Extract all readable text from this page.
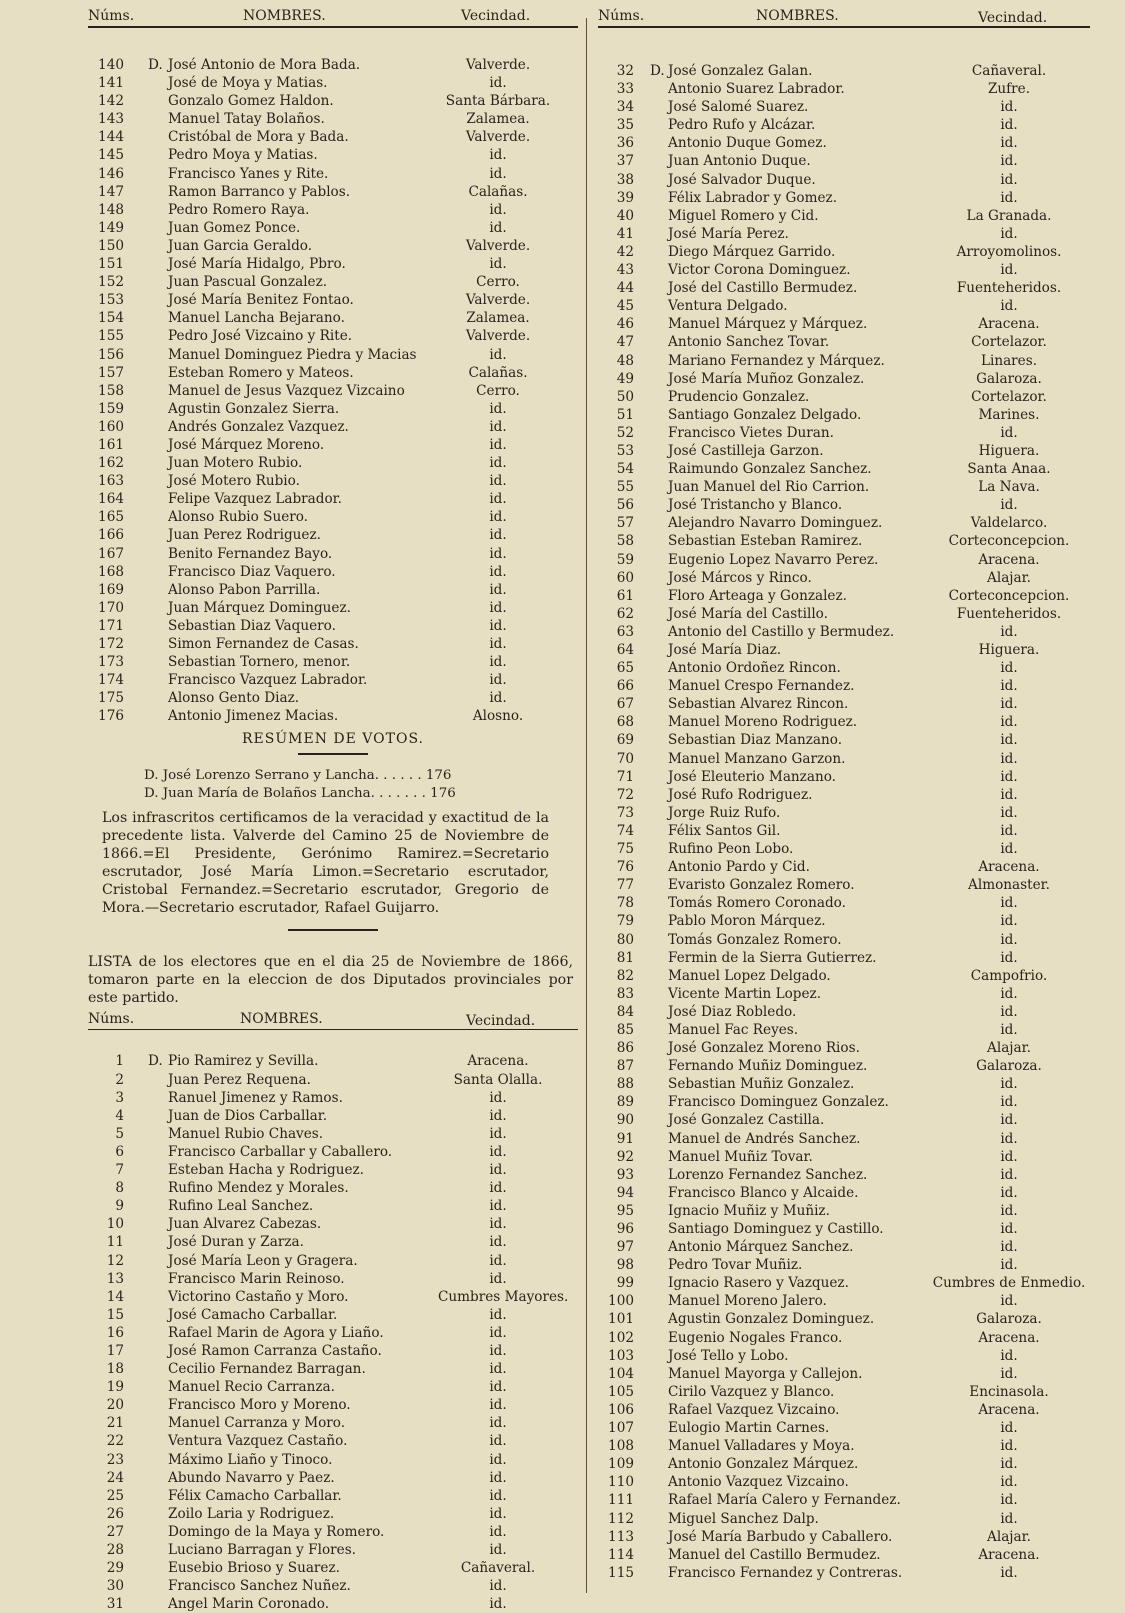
Núms.	NOMBRES.	Vecindad.
140 D. José Antonio de Mora Bada.	Valverde.
141	José de Moya y Matias.	id.
142	Gonzalo Gomez Haldon.	Santa Bárbara.
143	Manuel Tatay Bolaños.	Zalamea.
144	Cristóbal de Mora y Bada.	Valverde.
145	Pedro Moya y Matias.	id.
146	Francisco Yanes y Rite.	id.
147	Ramon Barranco y Pablos.	Calañas.
148	Pedro Romero Raya.	id.
149	Juan Gomez Ponce.	id.
150	Juan Garcia Geraldo.	Valverde.
151	José María Hidalgo, Pbro.	id.
152	Juan Pascual Gonzalez.	Cerro.
153	José María Benitez Fontao.	Valverde.
154	Manuel Lancha Bejarano.	Zalamea.
155	Pedro José Vizcaino y Rite.	Valverde.
156	Manuel Dominguez Piedra y Macias	id.
157	Esteban Romero y Mateos.	Calañas.
158	Manuel de Jesus Vazquez Vizcaino	Cerro.
159	Agustin Gonzalez Sierra.	id.
160	Andrés Gonzalez Vazquez.	id.
161	José Márquez Moreno.	id.
162	Juan Motero Rubio.	id.
163	José Motero Rubio.	id.
164	Felipe Vazquez Labrador.	id.
165	Alonso Rubio Suero.	id.
166	Juan Perez Rodriguez.	id.
167	Benito Fernandez Bayo.	id.
168	Francisco Diaz Vaquero.	id.
169	Alonso Pabon Parrilla.	id.
170	Juan Márquez Dominguez.	id.
171	Sebastian Diaz Vaquero.	id.
172	Simon Fernandez de Casas.	id.
173	Sebastian Tornero, menor.	id.
174	Francisco Vazquez Labrador.	id.
175	Alonso Gento Diaz.	id.
176	Antonio Jimenez Macias.	Alosno.
RESÚMEN DE VOTOS.
D. José Lorenzo Serrano y Lancha. . . . . . 176
D. Juan María de Bolaños Lancha. . . . . . . 176
Los infrascritos certificamos de la veracidad y exactitud de la precedente lista. Valverde del Camino 25 de Noviembre de 1866.=El Presidente, Gerónimo Ramirez.=Secretario escrutador, José María Limon.=Secretario escrutador, Cristobal Fernandez.=Secretario escrutador, Gregorio de Mora.—Secretario escrutador, Rafael Guijarro.
LISTA de los electores que en el dia 25 de Noviembre de 1866, tomaron parte en la eleccion de dos Diputados provinciales por este partido.
Núms.	NOMBRES.	Vecindad.
1 D. Pio Ramirez y Sevilla.	Aracena.
2	Juan Perez Requena.	Santa Olalla.
3	Ranuel Jimenez y Ramos.	id.
4	Juan de Dios Carballar.	id.
5	Manuel Rubio Chaves.	id.
6	Francisco Carballar y Caballero.	id.
7	Esteban Hacha y Rodriguez.	id.
8	Rufino Mendez y Morales.	id.
9	Rufino Leal Sanchez.	id.
10	Juan Alvarez Cabezas.	id.
11	José Duran y Zarza.	id.
12	José María Leon y Gragera.	id.
13	Francisco Marin Reinoso.	id.
14	Victorino Castaño y Moro.	Cumbres Mayores.
15	José Camacho Carballar.	id.
16	Rafael Marin de Agora y Liaño.	id.
17	José Ramon Carranza Castaño.	id.
18	Cecilio Fernandez Barragan.	id.
19	Manuel Recio Carranza.	id.
20	Francisco Moro y Moreno.	id.
21	Manuel Carranza y Moro.	id.
22	Ventura Vazquez Castaño.	id.
23	Máximo Liaño y Tinoco.	id.
24	Abundo Navarro y Paez.	id.
25	Félix Camacho Carballar.	id.
26	Zoilo Laria y Rodriguez.	id.
27	Domingo de la Maya y Romero.	id.
28	Luciano Barragan y Flores.	id.
29	Eusebio Brioso y Suarez.	Cañaveral.
30	Francisco Sanchez Nuñez.	id.
31	Angel Marin Coronado.	id.
Núms.	NOMBRES.	Vecindad.
32 D. José Gonzalez Galan.	Cañaveral.
33	Antonio Suarez Labrador.	Zufre.
34	José Salomé Suarez.	id.
35	Pedro Rufo y Alcázar.	id.
36	Antonio Duque Gomez.	id.
37	Juan Antonio Duque.	id.
38	José Salvador Duque.	id.
39	Félix Labrador y Gomez.	id.
40	Miguel Romero y Cid.	La Granada.
41	José María Perez.	id.
42	Diego Márquez Garrido.	Arroyomolinos.
43	Victor Corona Dominguez.	id.
44	José del Castillo Bermudez.	Fuenteheridos.
45	Ventura Delgado.	id.
46	Manuel Márquez y Márquez.	Aracena.
47	Antonio Sanchez Tovar.	Cortelazor.
48	Mariano Fernandez y Márquez.	Linares.
49	José María Muñoz Gonzalez.	Galaroza.
50	Prudencio Gonzalez.	Cortelazor.
51	Santiago Gonzalez Delgado.	Marines.
52	Francisco Vietes Duran.	id.
53	José Castilleja Garzon.	Higuera.
54	Raimundo Gonzalez Sanchez.	Santa Anaa.
55	Juan Manuel del Rio Carrion.	La Nava.
56	José Tristancho y Blanco.	id.
57	Alejandro Navarro Dominguez.	Valdelarco.
58	Sebastian Esteban Ramirez.	Corteconcepcion.
59	Eugenio Lopez Navarro Perez.	Aracena.
60	José Márcos y Rinco.	Alajar.
61	Floro Arteaga y Gonzalez.	Corteconcepcion.
62	José María del Castillo.	Fuenteheridos.
63	Antonio del Castillo y Bermudez.	id.
64	José María Diaz.	Higuera.
65	Antonio Ordoñez Rincon.	id.
66	Manuel Crespo Fernandez.	id.
67	Sebastian Alvarez Rincon.	id.
68	Manuel Moreno Rodriguez.	id.
69	Sebastian Diaz Manzano.	id.
70	Manuel Manzano Garzon.	id.
71	José Eleuterio Manzano.	id.
72	José Rufo Rodriguez.	id.
73	Jorge Ruiz Rufo.	id.
74	Félix Santos Gil.	id.
75	Rufino Peon Lobo.	id.
76	Antonio Pardo y Cid.	Aracena.
77	Evaristo Gonzalez Romero.	Almonaster.
78	Tomás Romero Coronado.	id.
79	Pablo Moron Márquez.	id.
80	Tomás Gonzalez Romero.	id.
81	Fermin de la Sierra Gutierrez.	id.
82	Manuel Lopez Delgado.	Campofrio.
83	Vicente Martin Lopez.	id.
84	José Diaz Robledo.	id.
85	Manuel Fac Reyes.	id.
86	José Gonzalez Moreno Rios.	Alajar.
87	Fernando Muñiz Dominguez.	Galaroza.
88	Sebastian Muñiz Gonzalez.	id.
89	Francisco Dominguez Gonzalez.	id.
90	José Gonzalez Castilla.	id.
91	Manuel de Andrés Sanchez.	id.
92	Manuel Muñiz Tovar.	id.
93	Lorenzo Fernandez Sanchez.	id.
94	Francisco Blanco y Alcaide.	id.
95	Ignacio Muñiz y Muñiz.	id.
96	Santiago Dominguez y Castillo.	id.
97	Antonio Márquez Sanchez.	id.
98	Pedro Tovar Muñiz.	id.
99	Ignacio Rasero y Vazquez.	Cumbres de Enmedio.
100	Manuel Moreno Jalero.	id.
101	Agustin Gonzalez Dominguez.	Galaroza.
102	Eugenio Nogales Franco.	Aracena.
103	José Tello y Lobo.	id.
104	Manuel Mayorga y Callejon.	id.
105	Cirilo Vazquez y Blanco.	Encinasola.
106	Rafael Vazquez Vizcaino.	Aracena.
107	Eulogio Martin Carnes.	id.
108	Manuel Valladares y Moya.	id.
109	Antonio Gonzalez Márquez.	id.
110	Antonio Vazquez Vizcaino.	id.
111	Rafael María Calero y Fernandez.	id.
112	Miguel Sanchez Dalp.	id.
113	José María Barbudo y Caballero.	Alajar.
114	Manuel del Castillo Bermudez.	Aracena.
115	Francisco Fernandez y Contreras.	id.
